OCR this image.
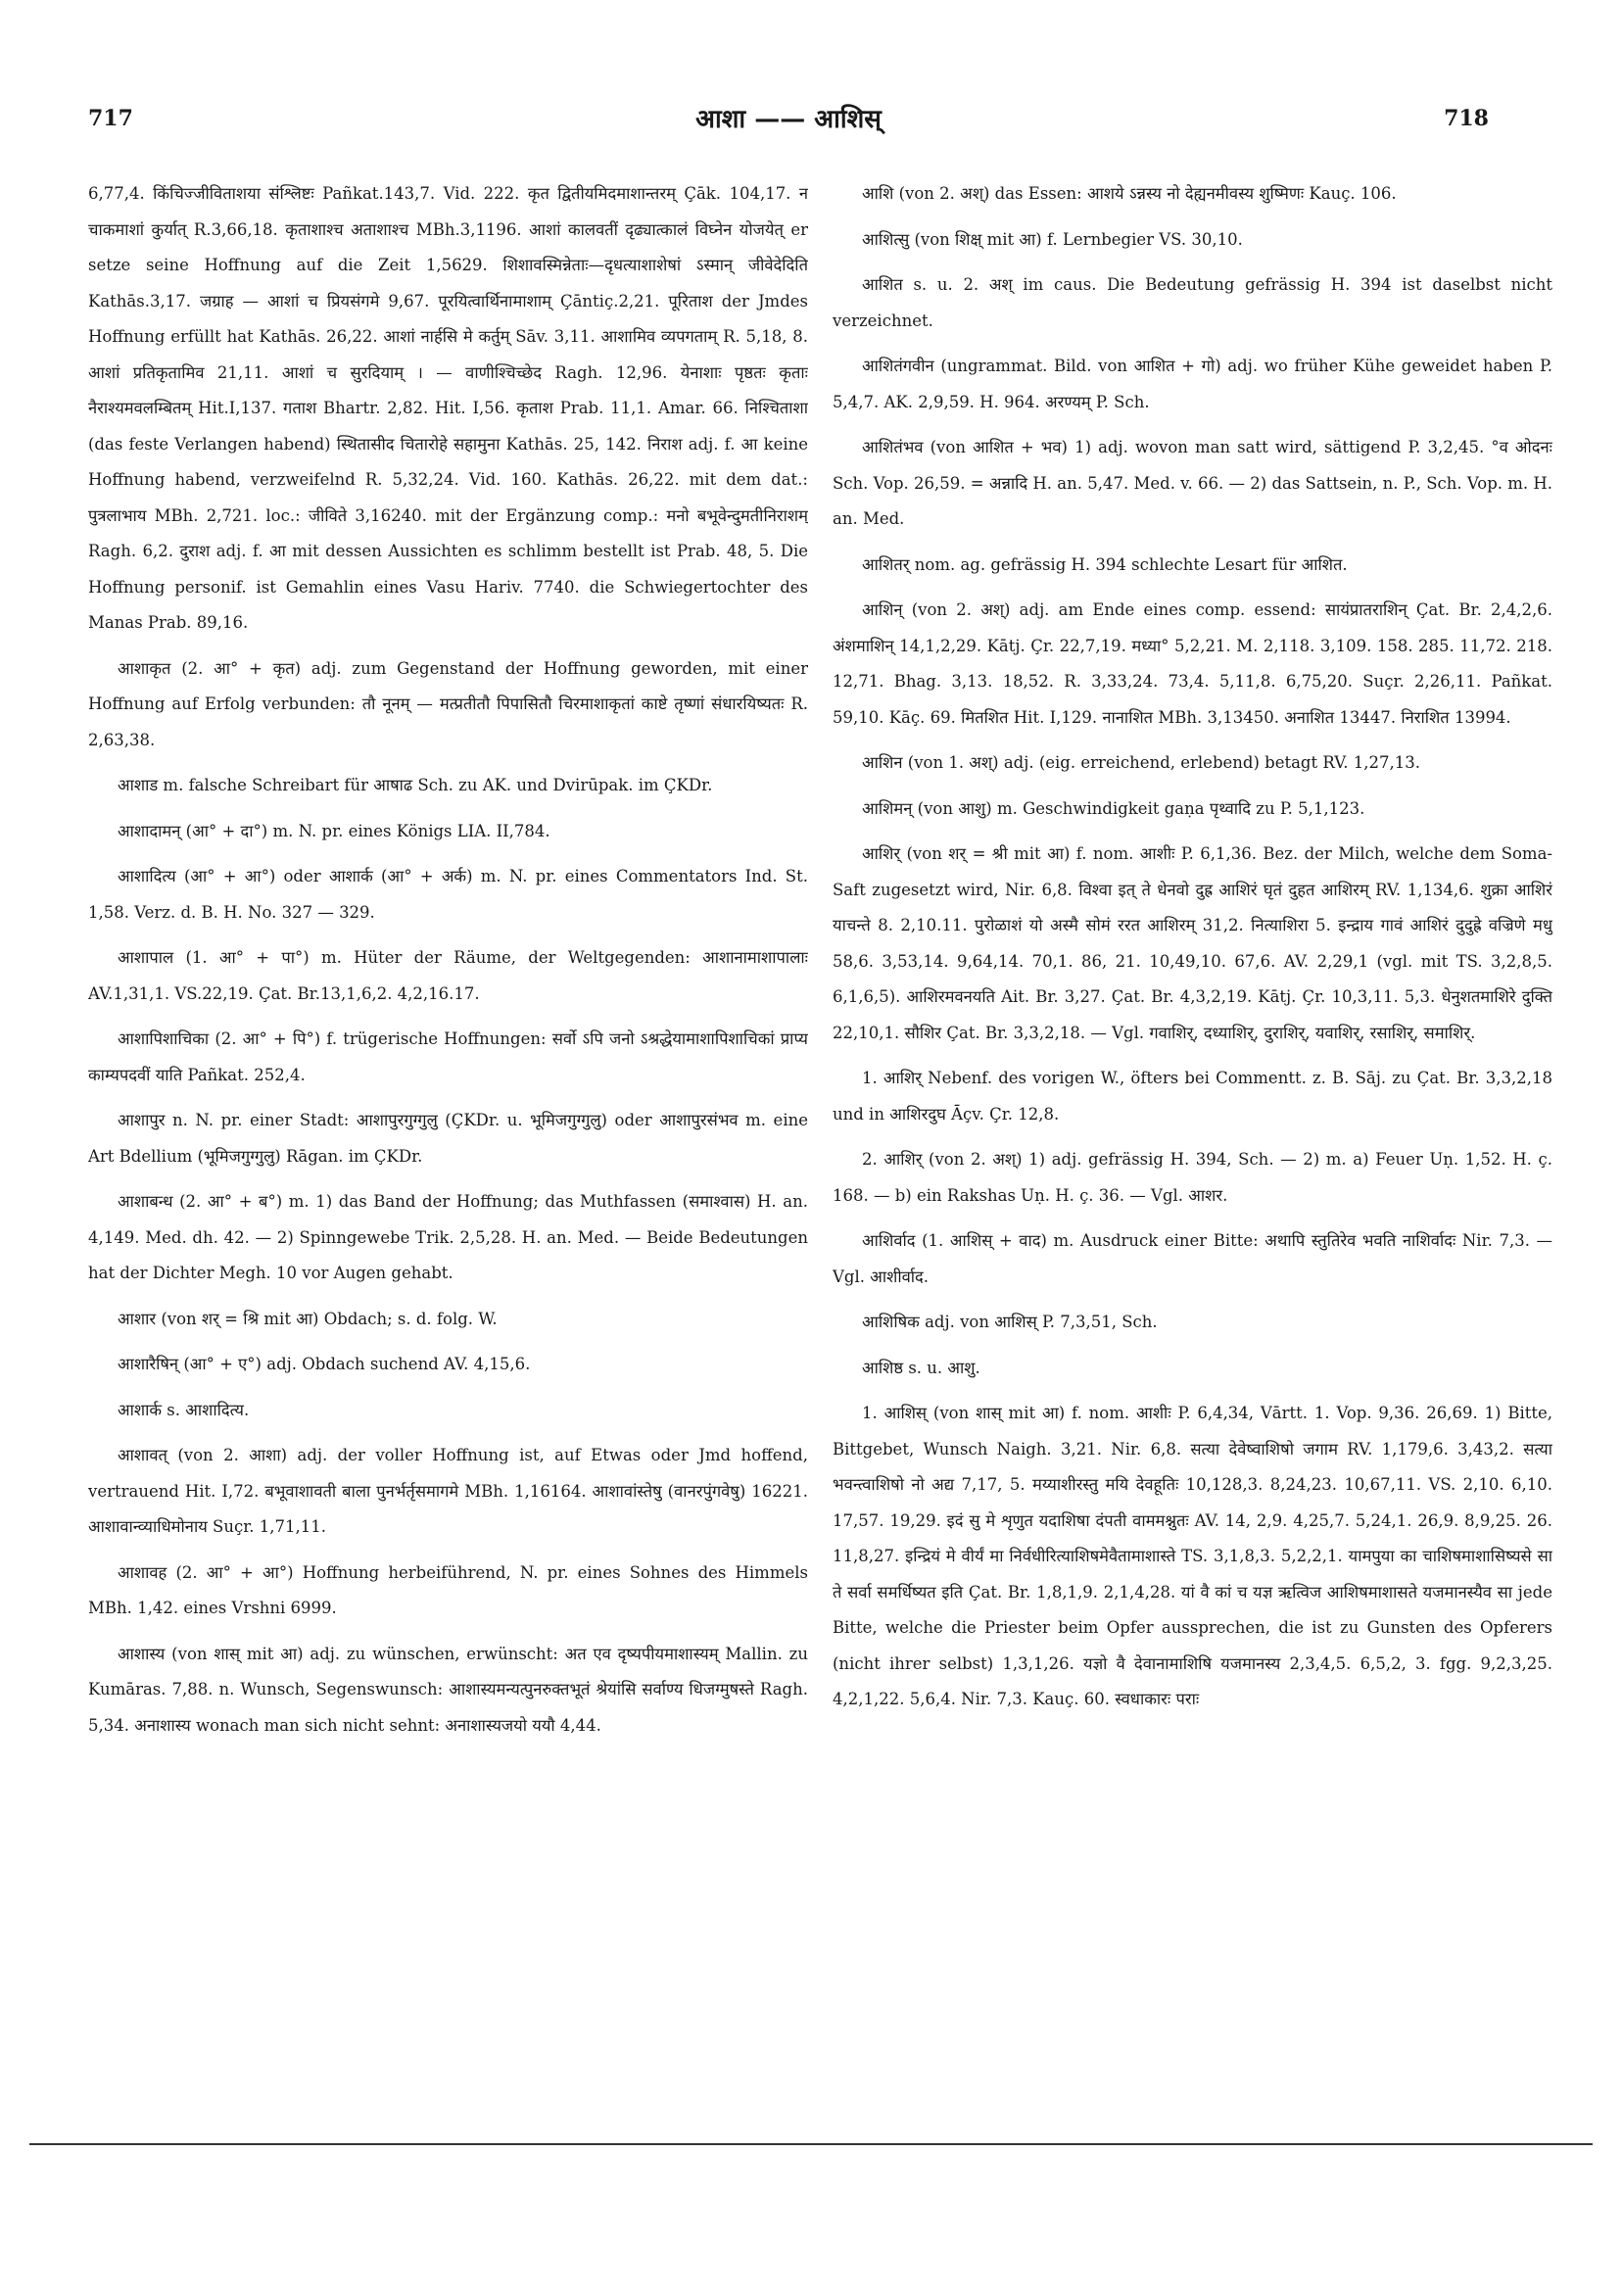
717	आशा —— आशिस्	718

6,77,4. किंचिज्जीविताशया संश्लिष्टः Pañkat.143,7. Vid. 222. कृत द्वितीयमिदमाशान्तरम् Çāk. 104,17. न चाकमाशां कुर्यात् R.3,66,18. कृताशाश्च अताशाश्च MBh.3,1196. आशां कालवतीं दृढ्यात्कालं विघ्नेन योजयेत् er setze seine Hoffnung auf die Zeit 1,5629. शिशावस्मिन्नेताः—दृधत्याशाशेषां ऽस्मान् जीवेदेदिति Kathās.3,17. जग्राह — आशां च प्रियसंगमे 9,67. पूरयित्वार्थिनामाशाम् Çāntiç.2,21. पूरिताश der Jmdes Hoffnung erfüllt hat Kathās. 26,22. आशां नार्हसि मे कर्तुम् Sāv. 3,11. आशामिव व्यपगताम् R. 5,18, 8. आशां प्रतिकृतामिव 21,11. आशां च सुरदियाम् । — वाणीश्चिच्छेद Ragh. 12,96. येनाशाः पृष्ठतः कृताः नैराश्यमवलम्बितम् Hit.I,137. गताश Bhartr. 2,82. Hit. I,56. कृताश Prab. 11,1. Amar. 66. निश्चिताशा (das feste Verlangen habend) स्थितासीद चितारोहे सहामुना Kathās. 25, 142. निराश adj. f. आ keine Hoffnung habend, verzweifelnd R. 5,32,24. Vid. 160. Kathās. 26,22. mit dem dat.: पुत्रलाभाय MBh. 2,721. loc.: जीविते 3,16240. mit der Ergänzung comp.: मनो बभूवेन्दुमतीनिराशम् Ragh. 6,2. दुराश adj. f. आ mit dessen Aussichten es schlimm bestellt ist Prab. 48, 5. Die Hoffnung personif. ist Gemahlin eines Vasu Hariv. 7740. die Schwiegertochter des Manas Prab. 89,16.

आशाकृत (2. आ° + कृत) adj. zum Gegenstand der Hoffnung geworden, mit einer Hoffnung auf Erfolg verbunden: तौ नूनम् — मत्प्रतीतौ पिपासितौ चिरमाशाकृतां काष्टे तृष्णां संधारयिष्यतः R. 2,63,38.

आशाड m. falsche Schreibart für आषाढ Sch. zu AK. und Dvirūpak. im ÇKDr.

आशादामन् (आ° + दा°) m. N. pr. eines Königs LIA. II,784.

आशादित्य (आ° + आ°) oder आशार्क (आ° + अर्क) m. N. pr. eines Commentators Ind. St. 1,58. Verz. d. B. H. No. 327 — 329.

आशापाल (1. आ° + पा°) m. Hüter der Räume, der Weltgegenden: आशानामाशापालाः AV.1,31,1. VS.22,19. Çat. Br.13,1,6,2. 4,2,16.17.

आशापिशाचिका (2. आ° + पि°) f. trügerische Hoffnungen: सर्वो ऽपि जनो ऽश्रद्धेयामाशापिशाचिकां प्राप्य काम्यपदवीं याति Pañkat. 252,4.

आशापुर n. N. pr. einer Stadt: आशापुरगुग्गुलु (ÇKDr. u. भूमिजगुग्गुलु) oder आशापुरसंभव m. eine Art Bdellium (भूमिजगुग्गुलु) Rāgan. im ÇKDr.

आशाबन्ध (2. आ° + ब°) m. 1) das Band der Hoffnung; das Muthfassen (समाश्वास) H. an. 4,149. Med. dh. 42. — 2) Spinngewebe Trik. 2,5,28. H. an. Med. — Beide Bedeutungen hat der Dichter Megh. 10 vor Augen gehabt.

आशार (von शर् = श्रि mit आ) Obdach; s. d. folg. W.

आशारैषिन् (आ° + ए°) adj. Obdach suchend AV. 4,15,6.

आशार्क s. आशादित्य.

आशावत् (von 2. आशा) adj. der voller Hoffnung ist, auf Etwas oder Jmd hoffend, vertrauend Hit. I,72. बभूवाशावती बाला पुनर्भर्तृसमागमे MBh. 1,16164. आशावांस्तेषु (वानरपुंगवेषु) 16221. आशावान्व्याधिमोनाय Suçr. 1,71,11.

आशावह (2. आ° + आ°) Hoffnung herbeiführend, N. pr. eines Sohnes des Himmels MBh. 1,42. eines Vrshni 6999.

आशास्य (von शास् mit आ) adj. zu wünschen, erwünscht: अत एव दृष्यपीयमाशास्यम् Mallin. zu Kumāras. 7,88. n. Wunsch, Segenswunsch: आशास्यमन्यत्पुनरुक्तभूतं श्रेयांसि सर्वाण्य धिजग्मुषस्ते Ragh. 5,34. अनाशास्य wonach man sich nicht sehnt: अनाशास्यजयो ययौ 4,44.

आशि (von 2. अश्) das Essen: आशये ऽन्नस्य नो देह्यनमीवस्य शुष्मिणः Kauç. 106.

आशित्सु (von शिक्ष् mit आ) f. Lernbegier VS. 30,10.

आशित s. u. 2. अश् im caus. Die Bedeutung gefrässig H. 394 ist daselbst nicht verzeichnet.

आशितंगवीन (ungrammat. Bild. von आशित + गो) adj. wo früher Kühe geweidet haben P. 5,4,7. AK. 2,9,59. H. 964. अरण्यम् P. Sch.

आशितंभव (von आशित + भव) 1) adj. wovon man satt wird, sättigend P. 3,2,45. °व ओदनः Sch. Vop. 26,59. = अन्नादि H. an. 5,47. Med. v. 66. — 2) das Sattsein, n. P., Sch. Vop. m. H. an. Med.

आशितर् nom. ag. gefrässig H. 394 schlechte Lesart für आशित.

आशिन् (von 2. अश्) adj. am Ende eines comp. essend: सायंप्रातराशिन् Çat. Br. 2,4,2,6. अंशमाशिन् 14,1,2,29. Kātj. Çr. 22,7,19. मध्या° 5,2,21. M. 2,118. 3,109. 158. 285. 11,72. 218. 12,71. Bhag. 3,13. 18,52. R. 3,33,24. 73,4. 5,11,8. 6,75,20. Suçr. 2,26,11. Pañkat. 59,10. Kāç. 69. मितशित Hit. I,129. नानाशित MBh. 3,13450. अनाशित 13447. निराशित 13994.

आशिन (von 1. अश्) adj. (eig. erreichend, erlebend) betagt RV. 1,27,13.

आशिमन् (von आशु) m. Geschwindigkeit gaṇa पृथ्वादि zu P. 5,1,123.

आशिर् (von शर् = श्री mit आ) f. nom. आशीः P. 6,1,36. Bez. der Milch, welche dem Soma-Saft zugesetzt wird, Nir. 6,8. विश्वा इत् ते धेनवो दुह्र आशिरं घृतं दुहत आशिरम् RV. 1,134,6. शुक्रा आशिरं याचन्ते 8. 2,10.11. पुरोळाशं यो अस्मै सोमं ररत आशिरम् 31,2. नित्याशिरा 5. इन्द्राय गावं आशिरं दुदुह्रे वज्रिणे मधु 58,6. 3,53,14. 9,64,14. 70,1. 86, 21. 10,49,10. 67,6. AV. 2,29,1 (vgl. mit TS. 3,2,8,5. 6,1,6,5). आशिरमवनयति Ait. Br. 3,27. Çat. Br. 4,3,2,19. Kātj. Çr. 10,3,11. 5,3. धेनुशतमाशिरे दुक्ति 22,10,1. सौशिर Çat. Br. 3,3,2,18. — Vgl. गवाशिर्, दध्याशिर्, दुराशिर्, यवाशिर्, रसाशिर्, समाशिर्.

1. आशिर् Nebenf. des vorigen W., öfters bei Commentt. z. B. Sāj. zu Çat. Br. 3,3,2,18 und in आशिरदुघ Āçv. Çr. 12,8.

2. आशिर् (von 2. अश्) 1) adj. gefrässig H. 394, Sch. — 2) m. a) Feuer Uṇ. 1,52. H. ç. 168. — b) ein Rakshas Uṇ. H. ç. 36. — Vgl. आशर.

आशिर्वाद (1. आशिस् + वाद) m. Ausdruck einer Bitte: अथापि स्तुतिरेव भवति नाशिर्वादः Nir. 7,3. — Vgl. आशीर्वाद.

आशिषिक adj. von आशिस् P. 7,3,51, Sch.

आशिष्ठ s. u. आशु.

1. आशिस् (von शास् mit आ) f. nom. आशीः P. 6,4,34, Vārtt. 1. Vop. 9,36. 26,69. 1) Bitte, Bittgebet, Wunsch Naigh. 3,21. Nir. 6,8. सत्या देवेष्वाशिषो जगाम RV. 1,179,6. 3,43,2. सत्या भवन्त्वाशिषो नो अद्य 7,17, 5. मय्याशीरस्तु मयि देवहूतिः 10,128,3. 8,24,23. 10,67,11. VS. 2,10. 6,10. 17,57. 19,29. इदं सु मे शृणुत यदाशिषा दंपती वाममश्नुतः AV. 14, 2,9. 4,25,7. 5,24,1. 26,9. 8,9,25. 26. 11,8,27. इन्द्रियं मे वीर्यं मा निर्वधीरित्याशिषमेवैतामाशास्ते TS. 3,1,8,3. 5,2,2,1. यामपुया का चाशिषमाशासिष्यसे सा ते सर्वा समर्धिष्यत इति Çat. Br. 1,8,1,9. 2,1,4,28. यां वै कां च यज्ञ ऋत्विज आशिषमाशासते यजमानस्यैव सा jede Bitte, welche die Priester beim Opfer aussprechen, die ist zu Gunsten des Opferers (nicht ihrer selbst) 1,3,1,26. यज्ञो वै देवानामाशिषि यजमानस्य 2,3,4,5. 6,5,2, 3. fgg. 9,2,3,25. 4,2,1,22. 5,6,4. Nir. 7,3. Kauç. 60. स्वधाकारः पराः
